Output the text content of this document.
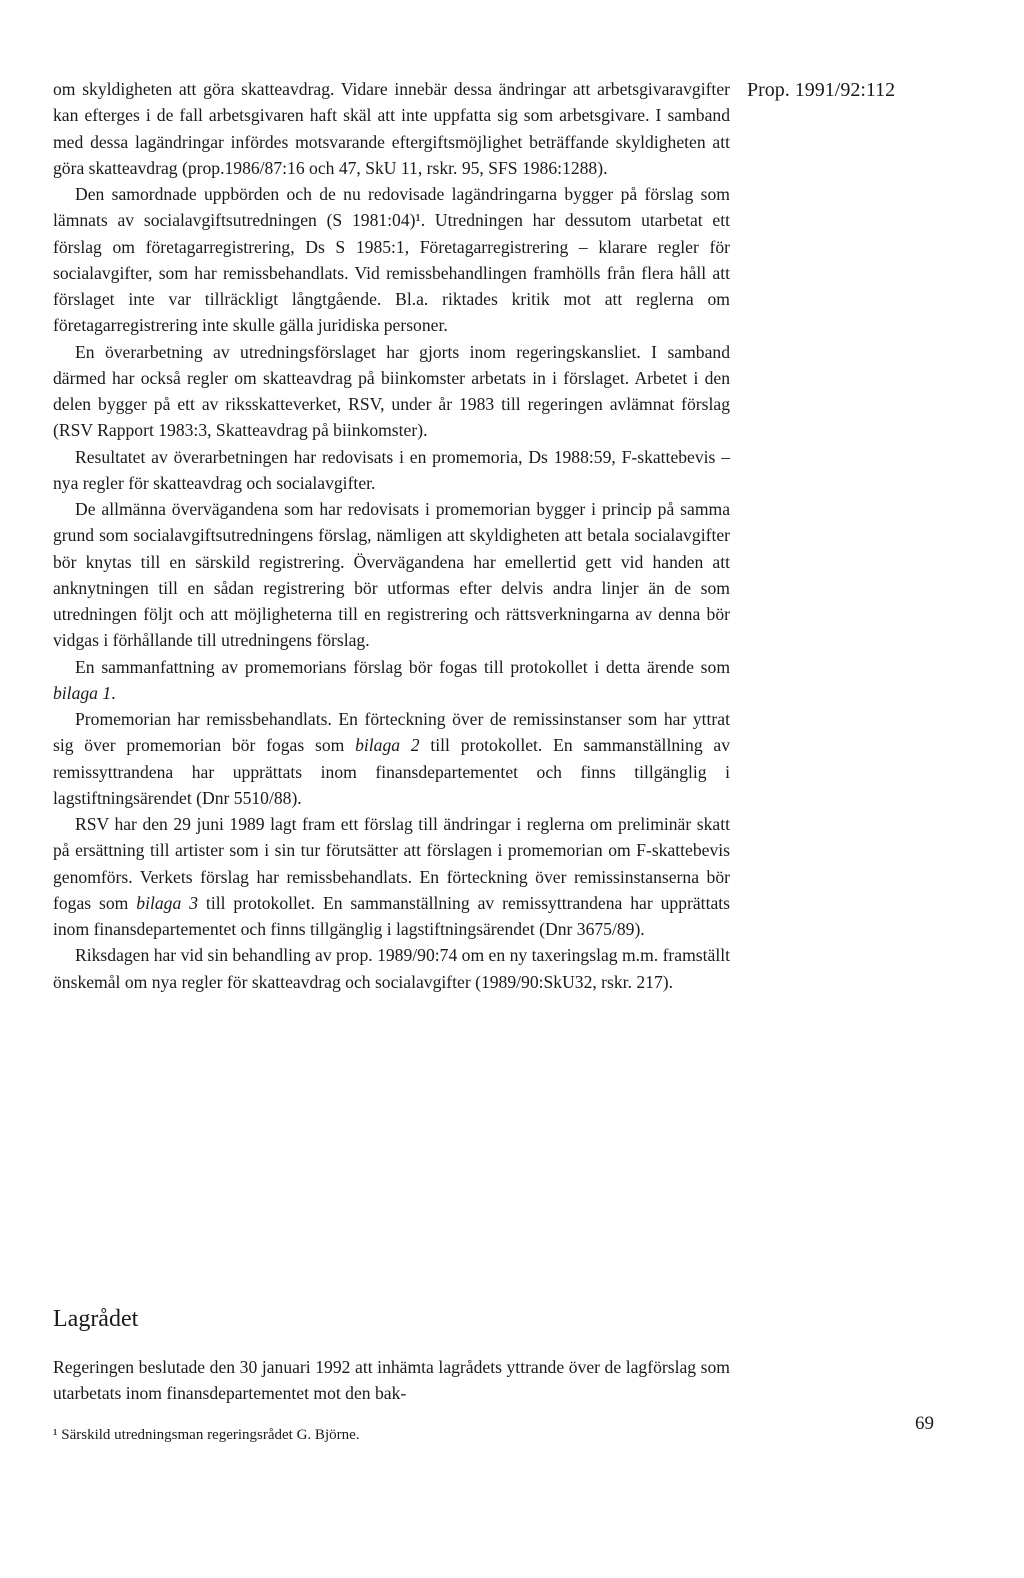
Prop. 1991/92:112

om skyldigheten att göra skatteavdrag. Vidare innebär dessa ändringar att arbetsgivaravgifter kan efterges i de fall arbetsgivaren haft skäl att inte uppfatta sig som arbetsgivare. I samband med dessa lagändringar infördes motsvarande eftergiftsmöjlighet beträffande skyldigheten att göra skatteavdrag (prop.1986/87:16 och 47, SkU 11, rskr. 95, SFS 1986:1288).

Den samordnade uppbörden och de nu redovisade lagändringarna bygger på förslag som lämnats av socialavgiftsutredningen (S 1981:04)¹. Utredningen har dessutom utarbetat ett förslag om företagarregistrering, Ds S 1985:1, Företagarregistrering – klarare regler för socialavgifter, som har remissbehandlats. Vid remissbehandlingen framhölls från flera håll att förslaget inte var tillräckligt långtgående. Bl.a. riktades kritik mot att reglerna om företagarregistrering inte skulle gälla juridiska personer.

En överarbetning av utredningsförslaget har gjorts inom regeringskansliet. I samband därmed har också regler om skatteavdrag på biinkomster arbetats in i förslaget. Arbetet i den delen bygger på ett av riksskatteverket, RSV, under år 1983 till regeringen avlämnat förslag (RSV Rapport 1983:3, Skatteavdrag på biinkomster).

Resultatet av överarbetningen har redovisats i en promemoria, Ds 1988:59, F-skattebevis – nya regler för skatteavdrag och socialavgifter.

De allmänna övervägandena som har redovisats i promemorian bygger i princip på samma grund som socialavgiftsutredningens förslag, nämligen att skyldigheten att betala socialavgifter bör knytas till en särskild registrering. Övervägandena har emellertid gett vid handen att anknytningen till en sådan registrering bör utformas efter delvis andra linjer än de som utredningen följt och att möjligheterna till en registrering och rättsverkningarna av denna bör vidgas i förhållande till utredningens förslag.

En sammanfattning av promemorians förslag bör fogas till protokollet i detta ärende som bilaga 1.

Promemorian har remissbehandlats. En förteckning över de remissinstanser som har yttrat sig över promemorian bör fogas som bilaga 2 till protokollet. En sammanställning av remissyttrandena har upprättats inom finansdepartementet och finns tillgänglig i lagstiftningsärendet (Dnr 5510/88).

RSV har den 29 juni 1989 lagt fram ett förslag till ändringar i reglerna om preliminär skatt på ersättning till artister som i sin tur förutsätter att förslagen i promemorian om F-skattebevis genomförs. Verkets förslag har remissbehandlats. En förteckning över remissinstanserna bör fogas som bilaga 3 till protokollet. En sammanställning av remissyttrandena har upprättats inom finansdepartementet och finns tillgänglig i lagstiftningsärendet (Dnr 3675/89).

Riksdagen har vid sin behandling av prop. 1989/90:74 om en ny taxeringslag m.m. framställt önskemål om nya regler för skatteavdrag och socialavgifter (1989/90:SkU32, rskr. 217).

Lagrådet

Regeringen beslutade den 30 januari 1992 att inhämta lagrådets yttrande över de lagförslag som utarbetats inom finansdepartementet mot den bak-

¹ Särskild utredningsman regeringsrådet G. Björne.
69
